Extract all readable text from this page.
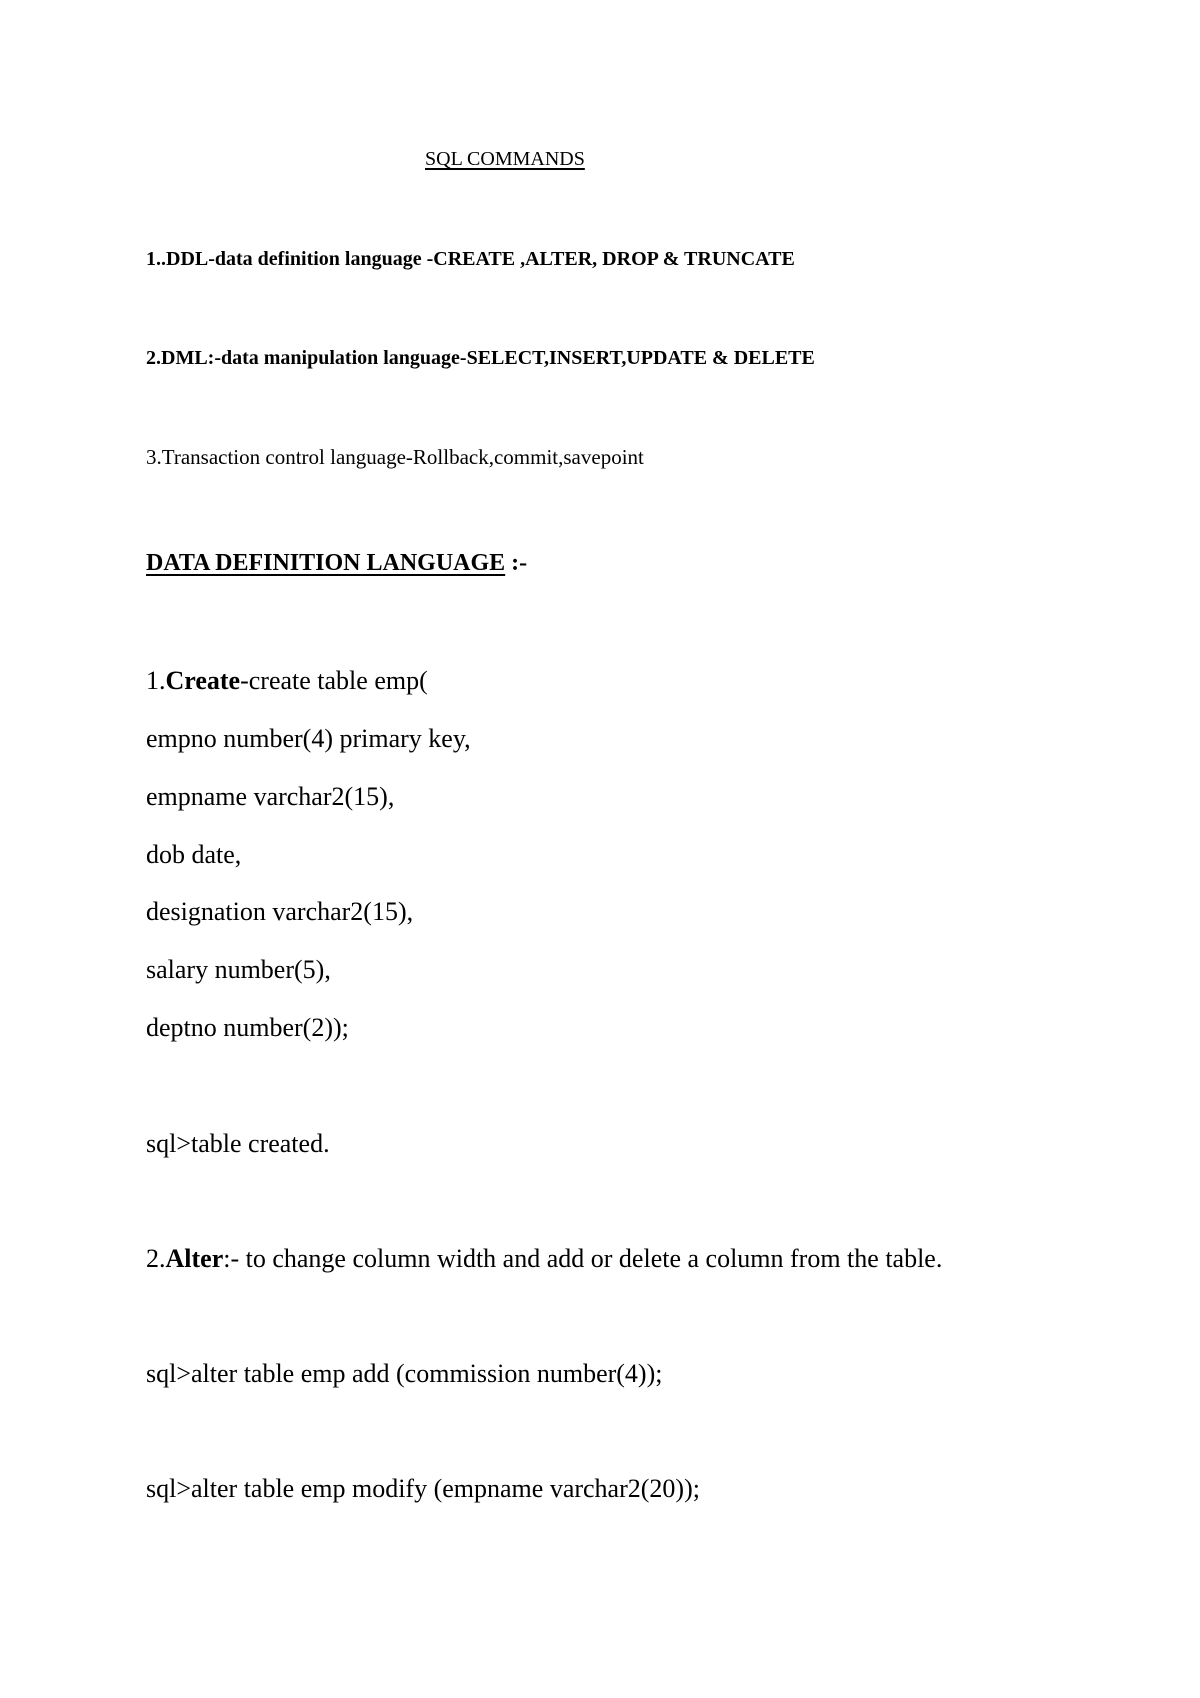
SQL COMMANDS
1..DDL-data definition language -CREATE ,ALTER, DROP & TRUNCATE
2.DML:-data manipulation language-SELECT,INSERT,UPDATE & DELETE
3.Transaction control language-Rollback,commit,savepoint
DATA DEFINITION LANGUAGE :-
1.Create-create table emp(
empno number(4) primary key,
empname varchar2(15),
dob date,
designation varchar2(15),
salary number(5),
deptno number(2));
sql>table created.
2.Alter:- to change column width and add or delete a column from the table.
sql>alter table emp add (commission number(4));
sql>alter table emp modify (empname varchar2(20));
